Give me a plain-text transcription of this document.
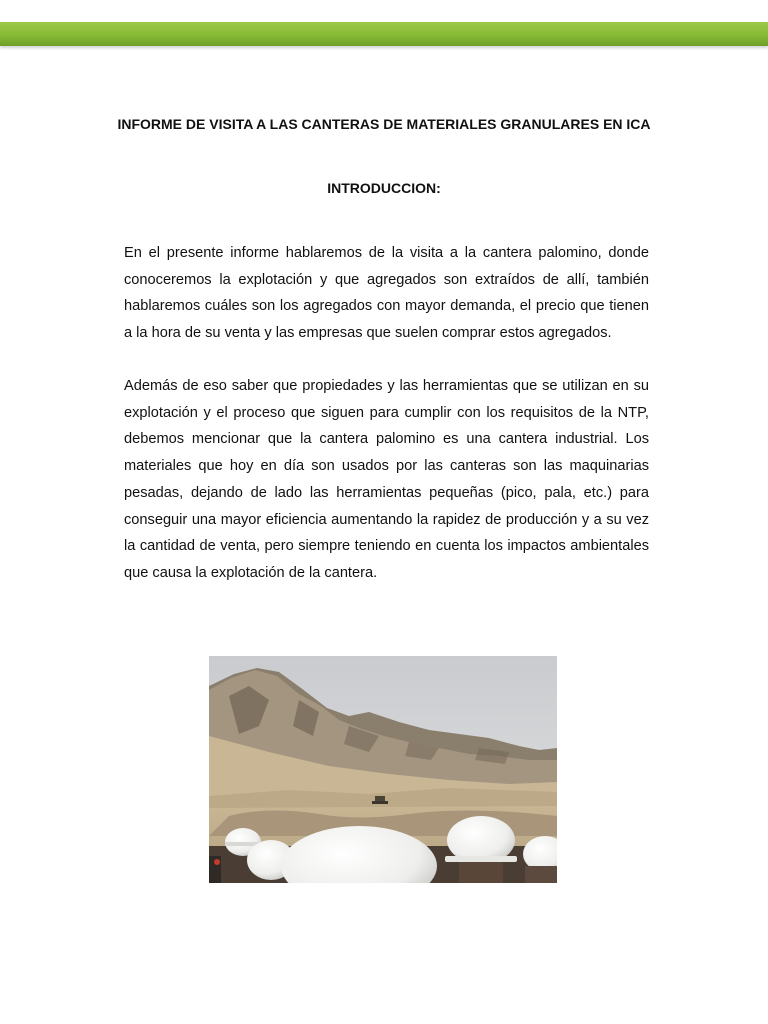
INFORME DE VISITA A LAS CANTERAS DE MATERIALES GRANULARES EN ICA
INTRODUCCION:

En el presente informe hablaremos de la visita a la cantera palomino, donde conoceremos la explotación y que agregados son extraídos de allí, también hablaremos cuáles son los agregados con mayor demanda, el precio que tienen a la hora de su venta y las empresas que suelen comprar estos agregados.

Además de eso saber que propiedades y las herramientas que se utilizan en su explotación y el proceso que siguen para cumplir con los requisitos de la NTP, debemos mencionar que la cantera palomino es una cantera industrial. Los materiales que hoy en día son usados por las canteras son las maquinarias pesadas, dejando de lado las herramientas pequeñas (pico, pala, etc.) para conseguir una mayor eficiencia aumentando la rapidez de producción y a su vez la cantidad de venta, pero siempre teniendo en cuenta los impactos ambientales que causa la explotación de la cantera.
